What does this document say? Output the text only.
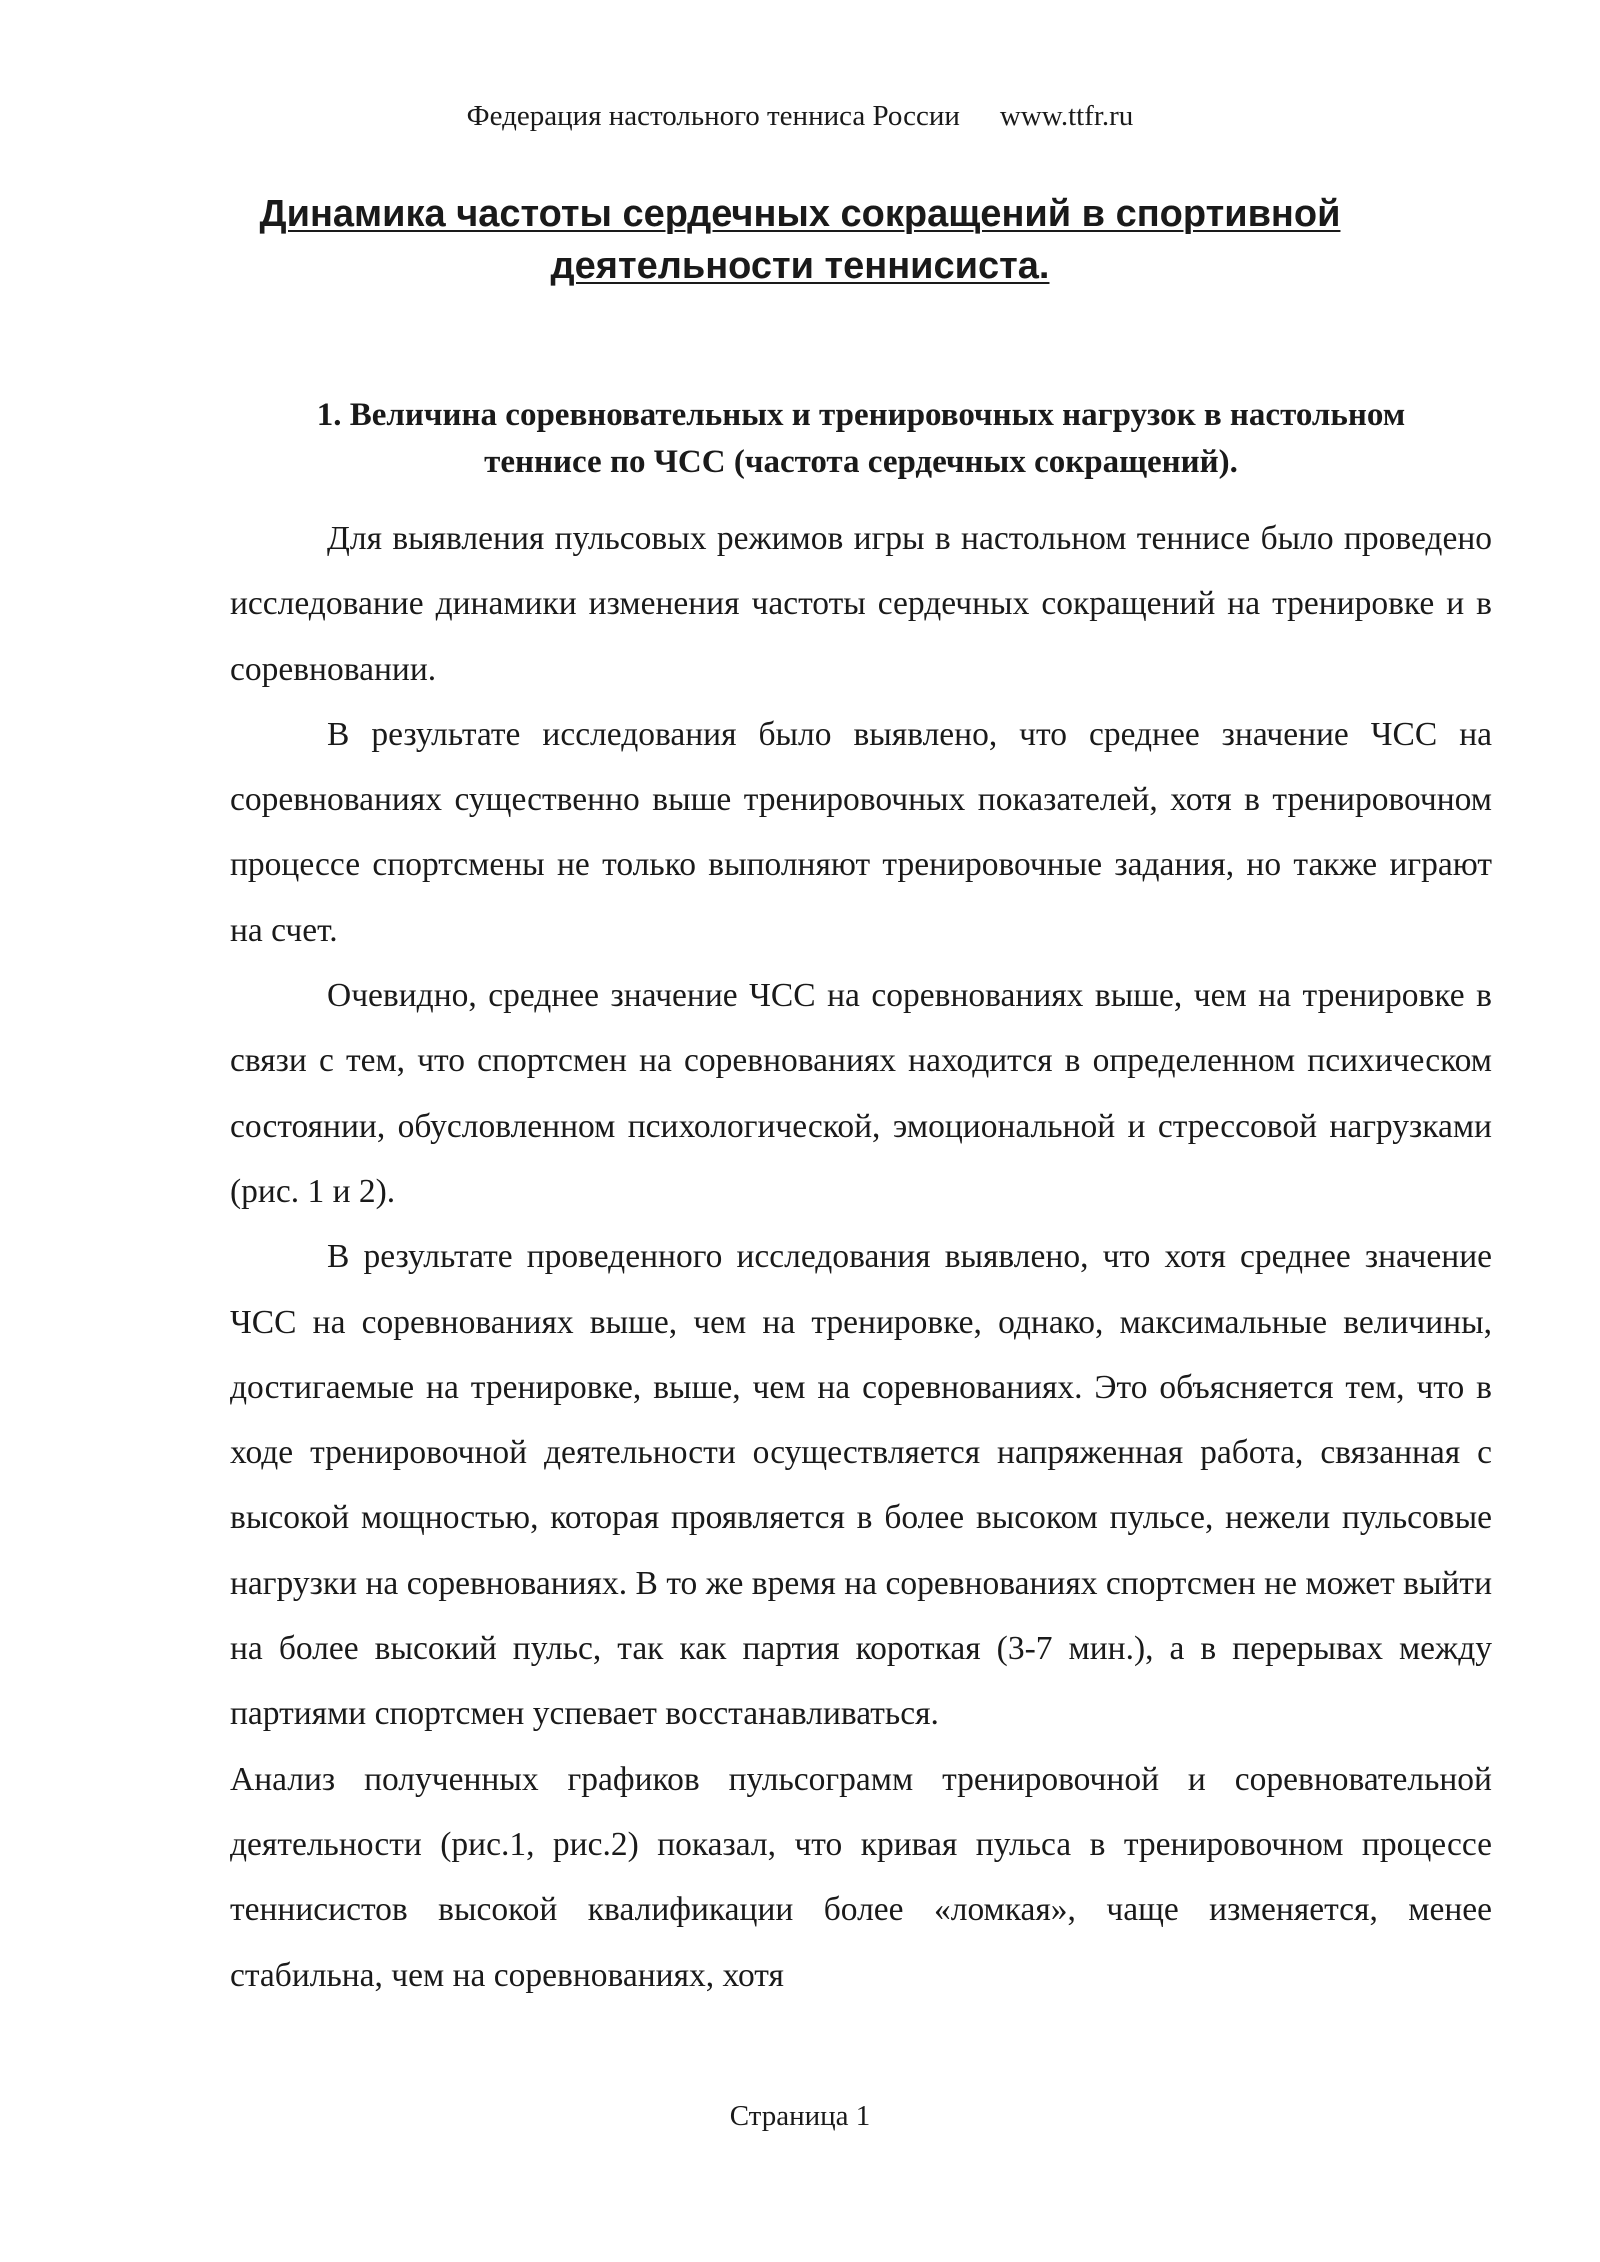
Федерация настольного тенниса России www.ttfr.ru
Динамика частоты сердечных сокращений в спортивной
деятельности теннисиста.
1. Величина соревновательных и тренировочных нагрузок в настольном
теннисе по ЧСС (частота сердечных сокращений).

Для выявления пульсовых режимов игры в настольном теннисе было проведено исследование динамики изменения частоты сердечных сокращений на тренировке и в соревновании.

В результате исследования было выявлено, что среднее значение ЧСС на соревнованиях существенно выше тренировочных показателей, хотя в тренировочном процессе спортсмены не только выполняют тренировочные задания, но также играют на счет.

Очевидно, среднее значение ЧСС на соревнованиях выше, чем на тренировке в связи с тем, что спортсмен на соревнованиях находится в определенном психическом состоянии, обусловленном психологической, эмоциональной и стрессовой нагрузками (рис. 1 и 2).

В результате проведенного исследования выявлено, что хотя среднее значение ЧСС на соревнованиях выше, чем на тренировке, однако, максимальные величины, достигаемые на тренировке, выше, чем на соревнованиях. Это объясняется тем, что в ходе тренировочной деятельности осуществляется напряженная работа, связанная с высокой мощностью, которая проявляется в более высоком пульсе, нежели пульсовые нагрузки на соревнованиях. В то же время на соревнованиях спортсмен не может выйти на более высокий пульс, так как партия короткая (3-7 мин.), а в перерывах между партиями спортсмен успевает восстанавливаться.

Анализ полученных графиков пульсограмм тренировочной и соревновательной деятельности (рис.1, рис.2) показал, что кривая пульса в тренировочном процессе теннисистов высокой квалификации более «ломкая», чаще изменяется, менее стабильна, чем на соревнованиях, хотя

Страница 1
